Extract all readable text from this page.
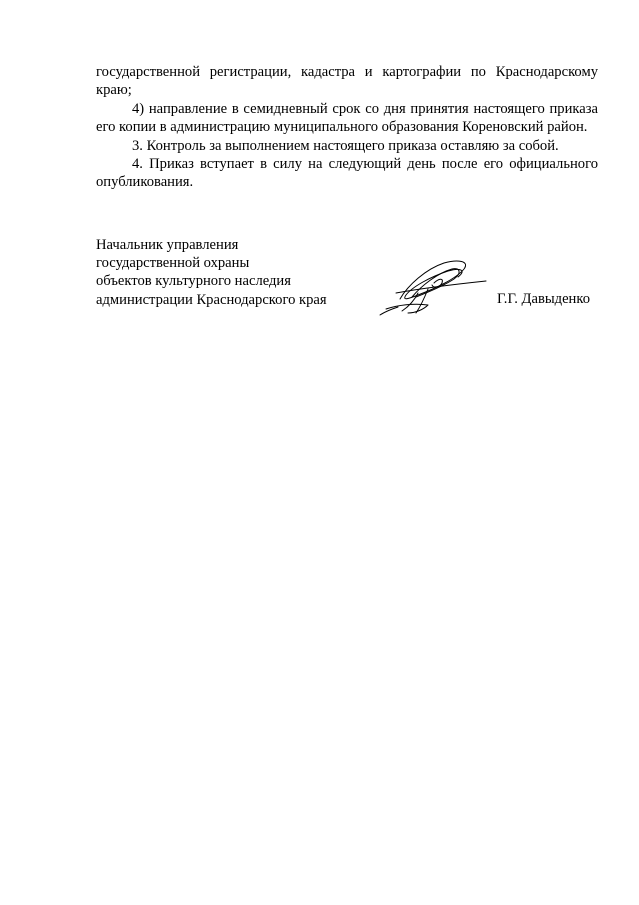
государственной регистрации, кадастра и картографии по Краснодарскому краю;

4) направление в семидневный срок со дня принятия настоящего приказа его копии в администрацию муниципального образования Кореновский район.

3. Контроль за выполнением настоящего приказа оставляю за собой.

4. Приказ вступает в силу на следующий день после его официального опубликования.

Начальник управления
государственной охраны
объектов культурного наследия
администрации Краснодарского края	Г.Г. Давыденко
